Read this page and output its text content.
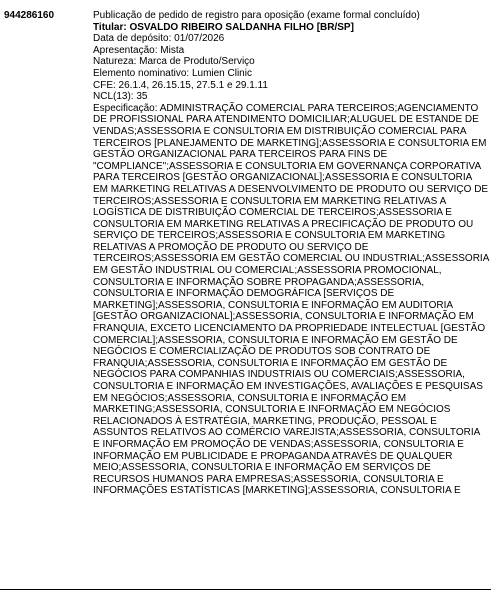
944286160	Publicação de pedido de registro para oposição (exame formal concluído)
Titular: OSVALDO RIBEIRO SALDANHA FILHO [BR/SP]
Data de depósito: 01/07/2026
Apresentação: Mista
Natureza: Marca de Produto/Serviço
Elemento nominativo: Lumien Clinic
CFE: 26.1.4, 26.15.15, 27.5.1 e 29.1.11
NCL(13): 35
Especificação: ADMINISTRAÇÃO COMERCIAL PARA TERCEIROS;AGENCIAMENTO DE PROFISSIONAL PARA ATENDIMENTO DOMICILIAR;ALUGUEL DE ESTANDE DE VENDAS;ASSESSORIA E CONSULTORIA EM DISTRIBUIÇÃO COMERCIAL PARA TERCEIROS [PLANEJAMENTO DE MARKETING];ASSESSORIA E CONSULTORIA EM GESTÃO ORGANIZACIONAL PARA TERCEIROS PARA FINS DE "COMPLIANCE";ASSESSORIA E CONSULTORIA EM GOVERNANÇA CORPORATIVA PARA TERCEIROS [GESTÃO ORGANIZACIONAL];ASSESSORIA E CONSULTORIA EM MARKETING RELATIVAS A DESENVOLVIMENTO DE PRODUTO OU SERVIÇO DE TERCEIROS;ASSESSORIA E CONSULTORIA EM MARKETING RELATIVAS A LOGÍSTICA DE DISTRIBUIÇÃO COMERCIAL DE TERCEIROS;ASSESSORIA E CONSULTORIA EM MARKETING RELATIVAS A PRECIFICAÇÃO DE PRODUTO OU SERVIÇO DE TERCEIROS;ASSESSORIA E CONSULTORIA EM MARKETING RELATIVAS A PROMOÇÃO DE PRODUTO OU SERVIÇO DE TERCEIROS;ASSESSORIA EM GESTÃO COMERCIAL OU INDUSTRIAL;ASSESSORIA EM GESTÃO INDUSTRIAL OU COMERCIAL;ASSESSORIA PROMOCIONAL, CONSULTORIA E INFORMAÇÃO SOBRE PROPAGANDA;ASSESSORIA, CONSULTORIA E INFORMAÇÃO DEMOGRÁFICA [SERVIÇOS DE MARKETING];ASSESSORIA, CONSULTORIA E INFORMAÇÃO EM AUDITORIA [GESTÃO ORGANIZACIONAL];ASSESSORIA, CONSULTORIA E INFORMAÇÃO EM FRANQUIA, EXCETO LICENCIAMENTO DA PROPRIEDADE INTELECTUAL [GESTÃO COMERCIAL];ASSESSORIA, CONSULTORIA E INFORMAÇÃO EM GESTÃO DE NEGÓCIOS E COMERCIALIZAÇÃO DE PRODUTOS SOB CONTRATO DE FRANQUIA;ASSESSORIA, CONSULTORIA E INFORMAÇÃO EM GESTÃO DE NEGÓCIOS PARA COMPANHIAS INDUSTRIAIS OU COMERCIAIS;ASSESSORIA, CONSULTORIA E INFORMAÇÃO EM INVESTIGAÇÕES, AVALIAÇÕES E PESQUISAS EM NEGÓCIOS;ASSESSORIA, CONSULTORIA E INFORMAÇÃO EM MARKETING;ASSESSORIA, CONSULTORIA E INFORMAÇÃO EM NEGÓCIOS RELACIONADOS À ESTRATÉGIA, MARKETING, PRODUÇÃO, PESSOAL E ASSUNTOS RELATIVOS AO COMÉRCIO VAREJISTA;ASSESSORIA, CONSULTORIA E INFORMAÇÃO EM PROMOÇÃO DE VENDAS;ASSESSORIA, CONSULTORIA E INFORMAÇÃO EM PUBLICIDADE E PROPAGANDA ATRAVÉS DE QUALQUER MEIO;ASSESSORIA, CONSULTORIA E INFORMAÇÃO EM SERVIÇOS DE RECURSOS HUMANOS PARA EMPRESAS;ASSESSORIA, CONSULTORIA E INFORMAÇÕES ESTATÍSTICAS [MARKETING];ASSESSORIA, CONSULTORIA E
